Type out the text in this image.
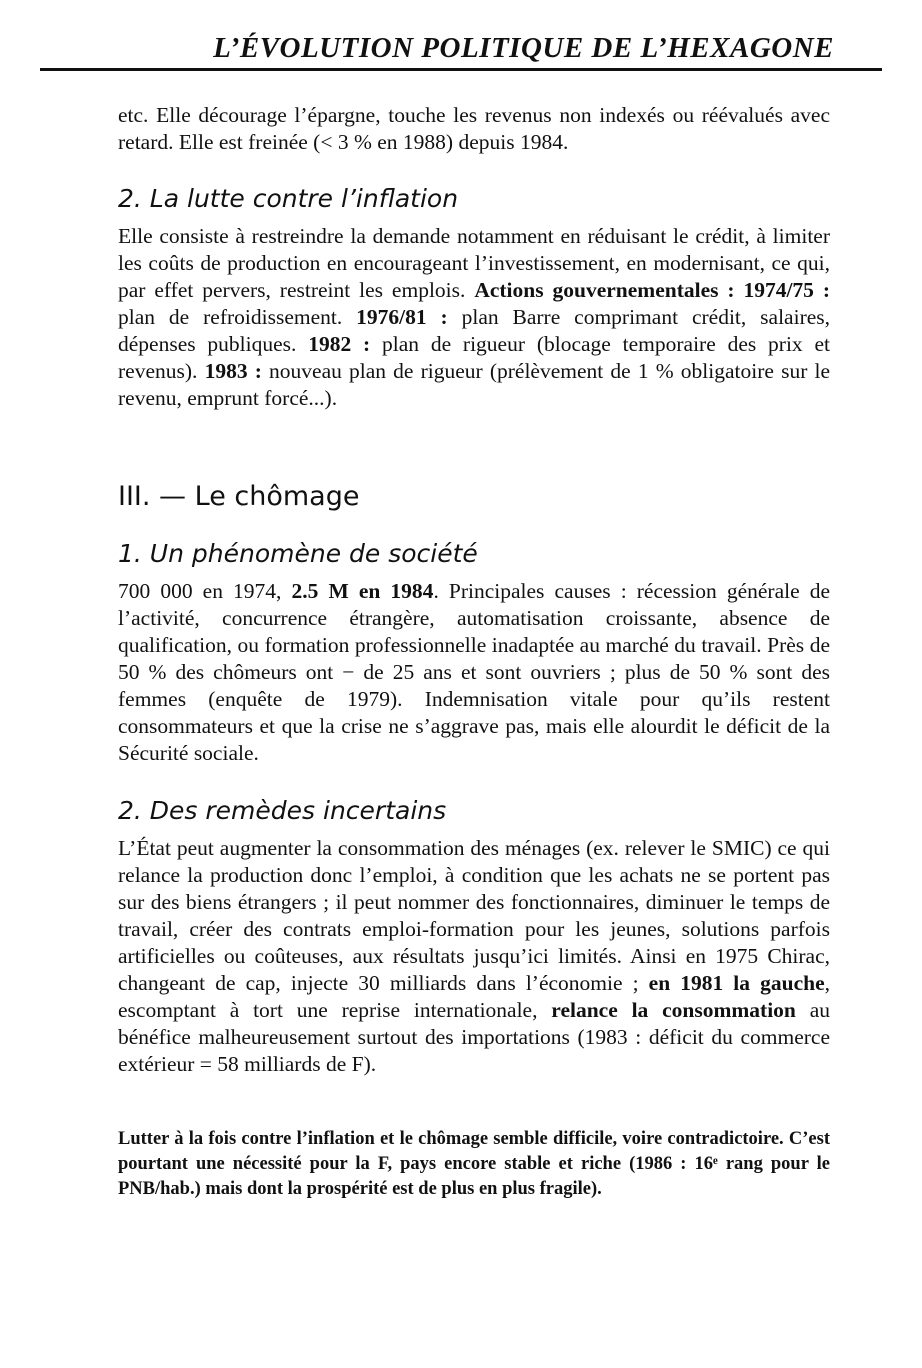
L’ÉVOLUTION POLITIQUE DE L’HEXAGONE

etc. Elle décourage l’épargne, touche les revenus non indexés ou réévalués avec retard. Elle est freinée (< 3 % en 1988) depuis 1984.

2. La lutte contre l’inflation

Elle consiste à restreindre la demande notamment en réduisant le crédit, à limiter les coûts de production en encourageant l’investissement, en modernisant, ce qui, par effet pervers, restreint les emplois. Actions gouvernementales : 1974/75 : plan de refroidissement. 1976/81 : plan Barre comprimant crédit, salaires, dépenses publiques. 1982 : plan de rigueur (blocage temporaire des prix et revenus). 1983 : nouveau plan de rigueur (prélèvement de 1 % obligatoire sur le revenu, emprunt forcé...).

III. — Le chômage
1. Un phénomène de société

700 000 en 1974, 2.5 M en 1984. Principales causes : récession générale de l’activité, concurrence étrangère, automatisation croissante, absence de qualification, ou formation professionnelle inadaptée au marché du travail. Près de 50 % des chômeurs ont − de 25 ans et sont ouvriers ; plus de 50 % sont des femmes (enquête de 1979). Indemnisation vitale pour qu’ils restent consommateurs et que la crise ne s’aggrave pas, mais elle alourdit le déficit de la Sécurité sociale.

2. Des remèdes incertains

L’État peut augmenter la consommation des ménages (ex. relever le SMIC) ce qui relance la production donc l’emploi, à condition que les achats ne se portent pas sur des biens étrangers ; il peut nommer des fonctionnaires, diminuer le temps de travail, créer des contrats emploi-formation pour les jeunes, solutions parfois artificielles ou coûteuses, aux résultats jusqu’ici limités. Ainsi en 1975 Chirac, changeant de cap, injecte 30 milliards dans l’économie ; en 1981 la gauche, escomptant à tort une reprise internationale, relance la consommation au bénéfice malheureusement surtout des importations (1983 : déficit du commerce extérieur = 58 milliards de F).

Lutter à la fois contre l’inflation et le chômage semble difficile, voire contradictoire. C’est pourtant une nécessité pour la F, pays encore stable et riche (1986 : 16ᵉ rang pour le PNB/hab.) mais dont la prospérité est de plus en plus fragile).
